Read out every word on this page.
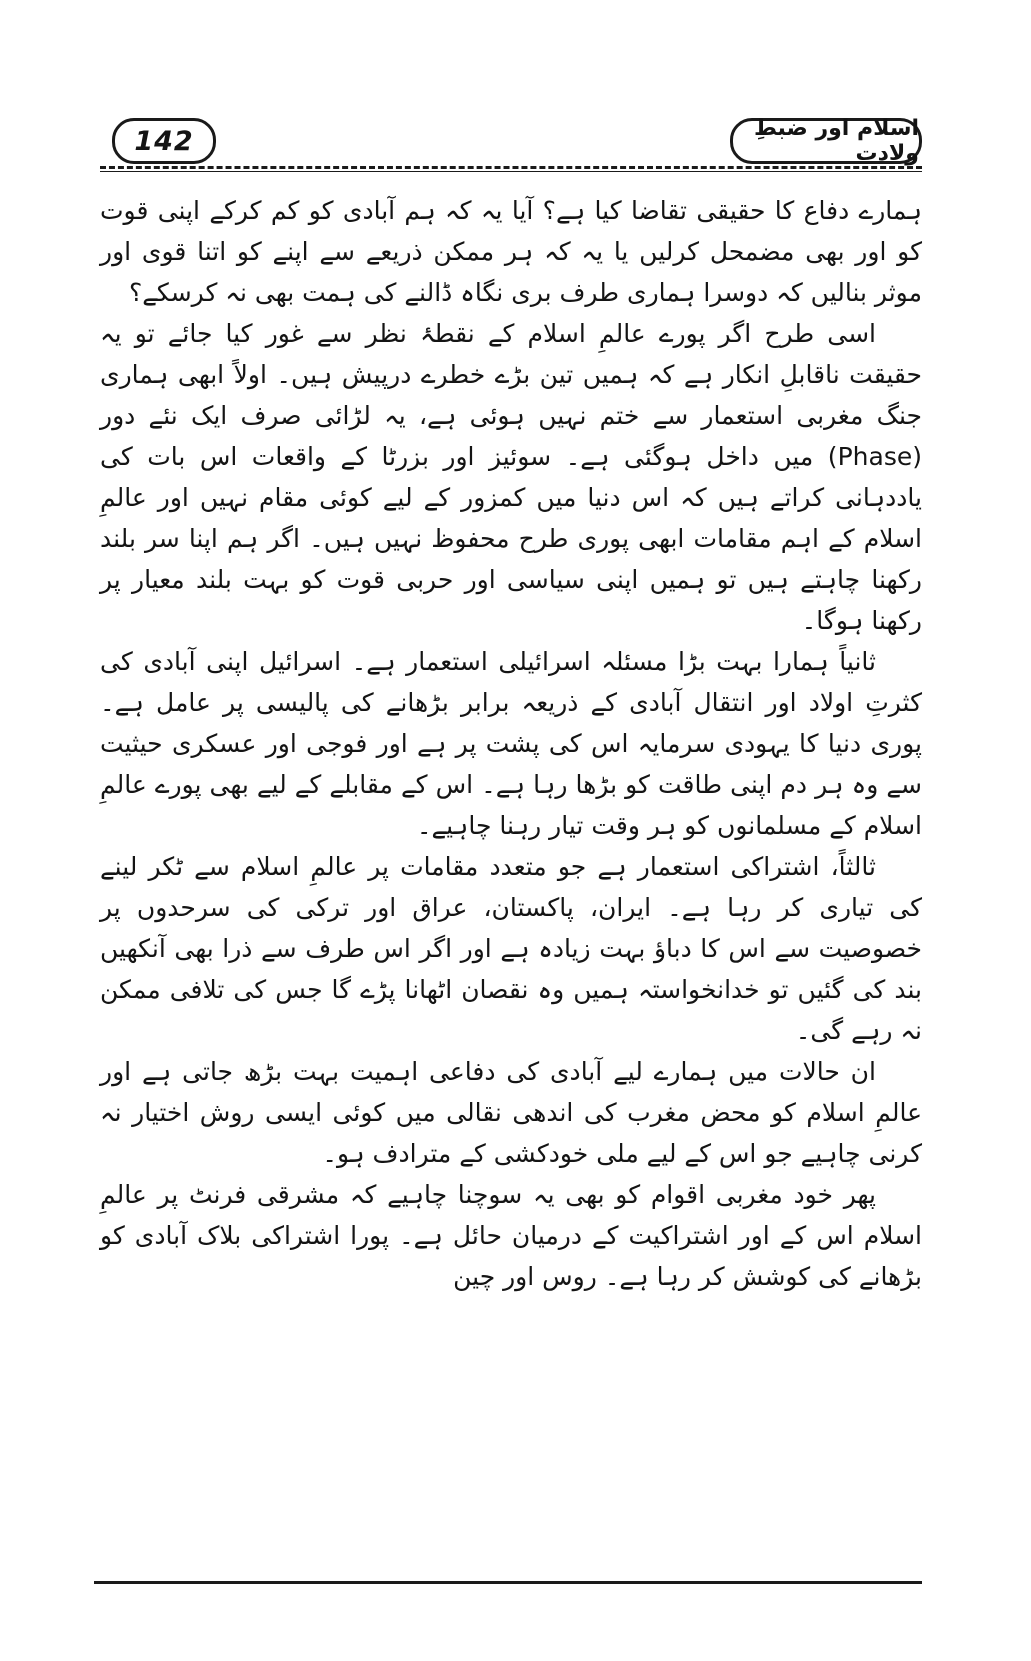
142	اسلام اور ضبطِ ولادت

ہمارے دفاع کا حقیقی تقاضا کیا ہے؟ آیا یہ کہ ہم آبادی کو کم کرکے اپنی قوت کو اور بھی مضمحل کرلیں یا یہ کہ ہر ممکن ذریعے سے اپنے کو اتنا قوی اور موثر بنالیں کہ دوسرا ہماری طرف بری نگاہ ڈالنے کی ہمت بھی نہ کرسکے؟

اسی طرح اگر پورے عالمِ اسلام کے نقطۂ نظر سے غور کیا جائے تو یہ حقیقت ناقابلِ انکار ہے کہ ہمیں تین بڑے خطرے درپیش ہیں۔ اولاً ابھی ہماری جنگ مغربی استعمار سے ختم نہیں ہوئی ہے، یہ لڑائی صرف ایک نئے دور (Phase) میں داخل ہوگئی ہے۔ سوئیز اور بزرٹا کے واقعات اس بات کی یاددہانی کراتے ہیں کہ اس دنیا میں کمزور کے لیے کوئی مقام نہیں اور عالمِ اسلام کے اہم مقامات ابھی پوری طرح محفوظ نہیں ہیں۔ اگر ہم اپنا سر بلند رکھنا چاہتے ہیں تو ہمیں اپنی سیاسی اور حربی قوت کو بہت بلند معیار پر رکھنا ہوگا۔

ثانیاً ہمارا بہت بڑا مسئلہ اسرائیلی استعمار ہے۔ اسرائیل اپنی آبادی کی کثرتِ اولاد اور انتقال آبادی کے ذریعہ برابر بڑھانے کی پالیسی پر عامل ہے۔ پوری دنیا کا یہودی سرمایہ اس کی پشت پر ہے اور فوجی اور عسکری حیثیت سے وہ ہر دم اپنی طاقت کو بڑھا رہا ہے۔ اس کے مقابلے کے لیے بھی پورے عالمِ اسلام کے مسلمانوں کو ہر وقت تیار رہنا چاہیے۔

ثالثاً، اشتراکی استعمار ہے جو متعدد مقامات پر عالمِ اسلام سے ٹکر لینے کی تیاری کر رہا ہے۔ ایران، پاکستان، عراق اور ترکی کی سرحدوں پر خصوصیت سے اس کا دباؤ بہت زیادہ ہے اور اگر اس طرف سے ذرا بھی آنکھیں بند کی گئیں تو خدانخواستہ ہمیں وہ نقصان اٹھانا پڑے گا جس کی تلافی ممکن نہ رہے گی۔

ان حالات میں ہمارے لیے آبادی کی دفاعی اہمیت بہت بڑھ جاتی ہے اور عالمِ اسلام کو محض مغرب کی اندھی نقالی میں کوئی ایسی روش اختیار نہ کرنی چاہیے جو اس کے لیے ملی خودکشی کے مترادف ہو۔

پھر خود مغربی اقوام کو بھی یہ سوچنا چاہیے کہ مشرقی فرنٹ پر عالمِ اسلام اس کے اور اشتراکیت کے درمیان حائل ہے۔ پورا اشتراکی بلاک آبادی کو بڑھانے کی کوشش کر رہا ہے۔ روس اور چین
